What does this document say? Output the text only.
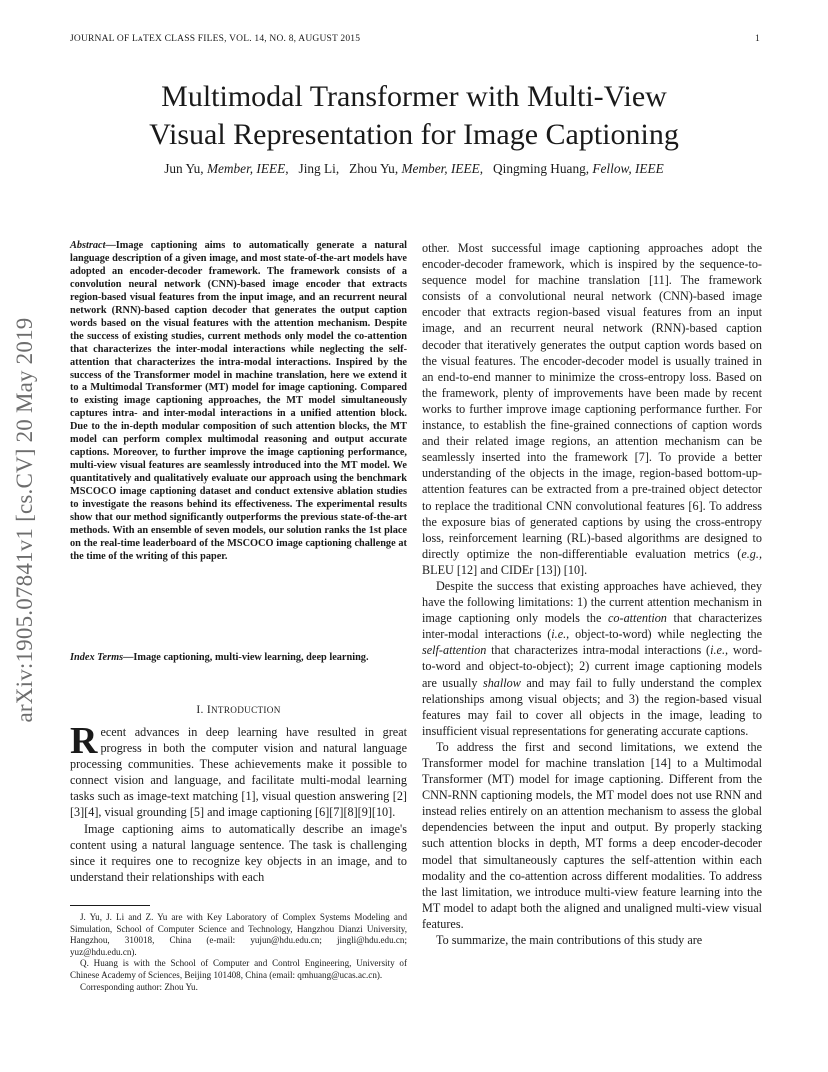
JOURNAL OF LᴀTEX CLASS FILES, VOL. 14, NO. 8, AUGUST 2015	1
Multimodal Transformer with Multi-View
Visual Representation for Image Captioning
Jun Yu, Member, IEEE,   Jing Li, Zhou Yu, Member, IEEE,   Qingming Huang, Fellow, IEEE
arXiv:1905.07841v1 [cs.CV] 20 May 2019
Abstract—Image captioning aims to automatically generate a natural language description of a given image, and most state-of-the-art models have adopted an encoder-decoder framework. The framework consists of a convolution neural network (CNN)-based image encoder that extracts region-based visual features from the input image, and an recurrent neural network (RNN)-based caption decoder that generates the output caption words based on the visual features with the attention mechanism. Despite the success of existing studies, current methods only model the co-attention that characterizes the inter-modal interactions while neglecting the self-attention that characterizes the intra-modal interactions. Inspired by the success of the Transformer model in machine translation, here we extend it to a Multimodal Transformer (MT) model for image captioning. Compared to existing image captioning approaches, the MT model simultaneously captures intra- and inter-modal interactions in a unified attention block. Due to the in-depth modular composition of such attention blocks, the MT model can perform complex multimodal reasoning and output accurate captions. Moreover, to further improve the image captioning performance, multi-view visual features are seamlessly introduced into the MT model. We quantitatively and qualitatively evaluate our approach using the benchmark MSCOCO image captioning dataset and conduct extensive ablation studies to investigate the reasons behind its effectiveness. The experimental results show that our method significantly outperforms the previous state-of-the-art methods. With an ensemble of seven models, our solution ranks the 1st place on the real-time leaderboard of the MSCOCO image captioning challenge at the time of the writing of this paper.
Index Terms—Image captioning, multi-view learning, deep learning.
I. INTRODUCTION

Recent advances in deep learning have resulted in great progress in both the computer vision and natural language processing communities. These achievements make it possible to connect vision and language, and facilitate multi-modal learning tasks such as image-text matching [1], visual question answering [2][3][4], visual grounding [5] and image captioning [6][7][8][9][10].

Image captioning aims to automatically describe an image's content using a natural language sentence. The task is challenging since it requires one to recognize key objects in an image, and to understand their relationships with each

J. Yu, J. Li and Z. Yu are with Key Laboratory of Complex Systems Modeling and Simulation, School of Computer Science and Technology, Hangzhou Dianzi University, Hangzhou, 310018, China (e-mail: yujun@hdu.edu.cn; jingli@hdu.edu.cn; yuz@hdu.edu.cn).

Q. Huang is with the School of Computer and Control Engineering, University of Chinese Academy of Sciences, Beijing 101408, China (email: qmhuang@ucas.ac.cn).

Corresponding author: Zhou Yu.

other. Most successful image captioning approaches adopt the encoder-decoder framework, which is inspired by the sequence-to-sequence model for machine translation [11]. The framework consists of a convolutional neural network (CNN)-based image encoder that extracts region-based visual features from an input image, and an recurrent neural network (RNN)-based caption decoder that iteratively generates the output caption words based on the visual features. The encoder-decoder model is usually trained in an end-to-end manner to minimize the cross-entropy loss. Based on the framework, plenty of improvements have been made by recent works to further improve image captioning performance further. For instance, to establish the fine-grained connections of caption words and their related image regions, an attention mechanism can be seamlessly inserted into the framework [7]. To provide a better understanding of the objects in the image, region-based bottom-up-attention features can be extracted from a pre-trained object detector to replace the traditional CNN convolutional features [6]. To address the exposure bias of generated captions by using the cross-entropy loss, reinforcement learning (RL)-based algorithms are designed to directly optimize the non-differentiable evaluation metrics (e.g., BLEU [12] and CIDEr [13]) [10].

Despite the success that existing approaches have achieved, they have the following limitations: 1) the current attention mechanism in image captioning only models the co-attention that characterizes inter-modal interactions (i.e., object-to-word) while neglecting the self-attention that characterizes intra-modal interactions (i.e., word-to-word and object-to-object); 2) current image captioning models are usually shallow and may fail to fully understand the complex relationships among visual objects; and 3) the region-based visual features may fail to cover all objects in the image, leading to insufficient visual representations for generating accurate captions.

To address the first and second limitations, we extend the Transformer model for machine translation [14] to a Multimodal Transformer (MT) model for image captioning. Different from the CNN-RNN captioning models, the MT model does not use RNN and instead relies entirely on an attention mechanism to assess the global dependencies between the input and output. By properly stacking such attention blocks in depth, MT forms a deep encoder-decoder model that simultaneously captures the self-attention within each modality and the co-attention across different modalities. To address the last limitation, we introduce multi-view feature learning into the MT model to adapt both the aligned and unaligned multi-view visual features.

To summarize, the main contributions of this study are
